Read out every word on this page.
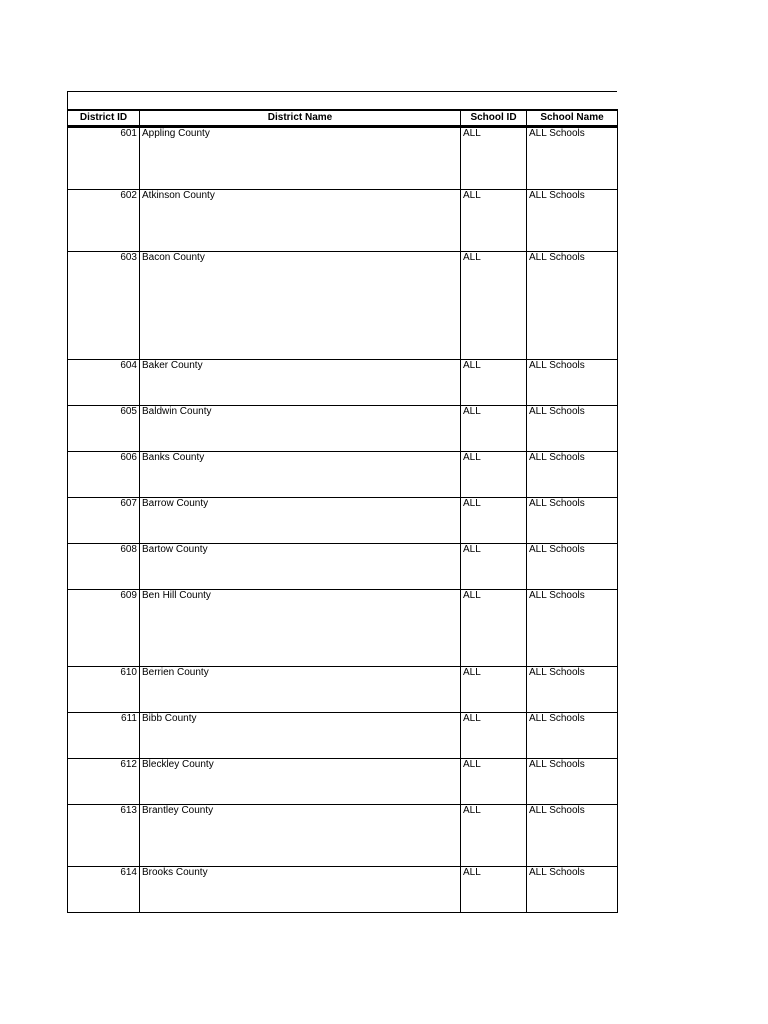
District ID	District Name	School ID	School Name
601	Appling County	ALL	ALL Schools
602	Atkinson County	ALL	ALL Schools
603	Bacon County	ALL	ALL Schools
604	Baker County	ALL	ALL Schools
605	Baldwin County	ALL	ALL Schools
606	Banks County	ALL	ALL Schools
607	Barrow County	ALL	ALL Schools
608	Bartow County	ALL	ALL Schools
609	Ben Hill County	ALL	ALL Schools
610	Berrien County	ALL	ALL Schools
611	Bibb County	ALL	ALL Schools
612	Bleckley County	ALL	ALL Schools
613	Brantley County	ALL	ALL Schools
614	Brooks County	ALL	ALL Schools
